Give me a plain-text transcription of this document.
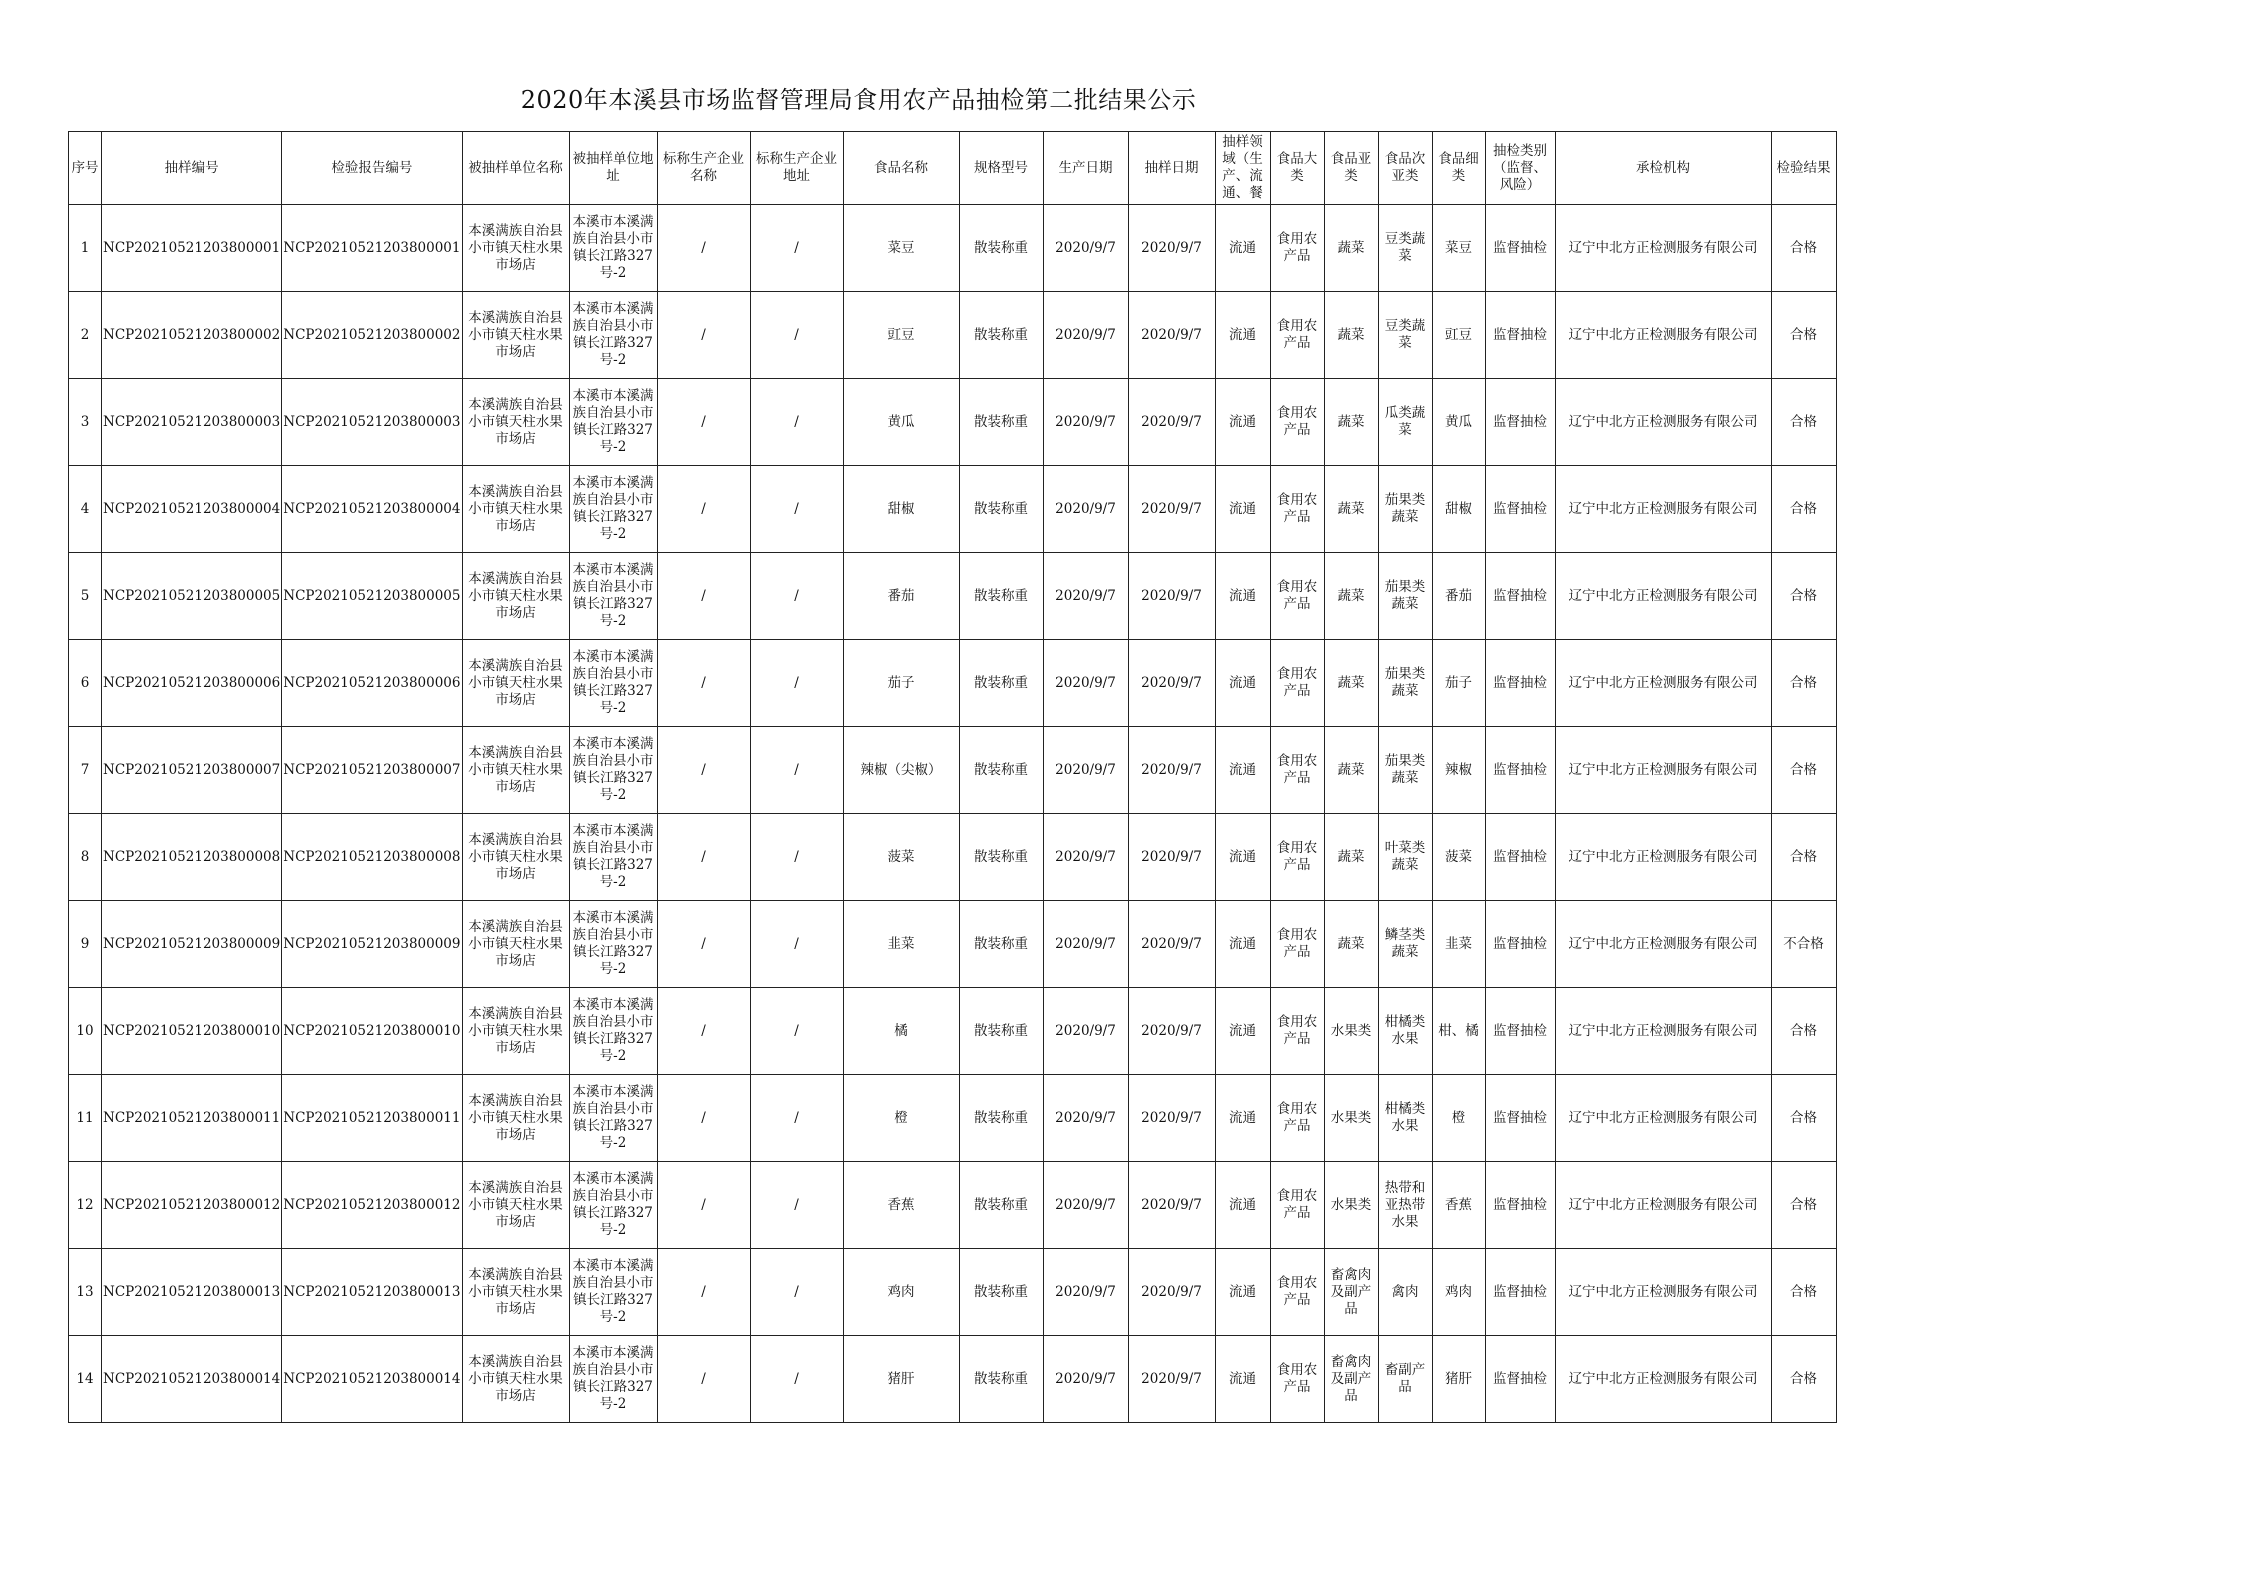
2020年本溪县市场监督管理局食用农产品抽检第二批结果公示
序号	抽样编号	检验报告编号	被抽样单位名称	被抽样单位地址	标称生产企业名称	标称生产企业地址	食品名称	规格型号	生产日期	抽样日期	抽样领域（生产、流通、餐	食品大类	食品亚类	食品次亚类	食品细类	抽检类别（监督、风险）	承检机构	检验结果
1	NCP20210521203800001	NCP20210521203800001	本溪满族自治县小市镇天柱水果市场店	本溪市本溪满族自治县小市镇长江路327号-2	/	/	菜豆	散装称重	2020/9/7	2020/9/7	流通	食用农产品	蔬菜	豆类蔬菜	菜豆	监督抽检	辽宁中北方正检测服务有限公司	合格
2	NCP20210521203800002	NCP20210521203800002	本溪满族自治县小市镇天柱水果市场店	本溪市本溪满族自治县小市镇长江路327号-2	/	/	豇豆	散装称重	2020/9/7	2020/9/7	流通	食用农产品	蔬菜	豆类蔬菜	豇豆	监督抽检	辽宁中北方正检测服务有限公司	合格
3	NCP20210521203800003	NCP20210521203800003	本溪满族自治县小市镇天柱水果市场店	本溪市本溪满族自治县小市镇长江路327号-2	/	/	黄瓜	散装称重	2020/9/7	2020/9/7	流通	食用农产品	蔬菜	瓜类蔬菜	黄瓜	监督抽检	辽宁中北方正检测服务有限公司	合格
4	NCP20210521203800004	NCP20210521203800004	本溪满族自治县小市镇天柱水果市场店	本溪市本溪满族自治县小市镇长江路327号-2	/	/	甜椒	散装称重	2020/9/7	2020/9/7	流通	食用农产品	蔬菜	茄果类蔬菜	甜椒	监督抽检	辽宁中北方正检测服务有限公司	合格
5	NCP20210521203800005	NCP20210521203800005	本溪满族自治县小市镇天柱水果市场店	本溪市本溪满族自治县小市镇长江路327号-2	/	/	番茄	散装称重	2020/9/7	2020/9/7	流通	食用农产品	蔬菜	茄果类蔬菜	番茄	监督抽检	辽宁中北方正检测服务有限公司	合格
6	NCP20210521203800006	NCP20210521203800006	本溪满族自治县小市镇天柱水果市场店	本溪市本溪满族自治县小市镇长江路327号-2	/	/	茄子	散装称重	2020/9/7	2020/9/7	流通	食用农产品	蔬菜	茄果类蔬菜	茄子	监督抽检	辽宁中北方正检测服务有限公司	合格
7	NCP20210521203800007	NCP20210521203800007	本溪满族自治县小市镇天柱水果市场店	本溪市本溪满族自治县小市镇长江路327号-2	/	/	辣椒（尖椒）	散装称重	2020/9/7	2020/9/7	流通	食用农产品	蔬菜	茄果类蔬菜	辣椒	监督抽检	辽宁中北方正检测服务有限公司	合格
8	NCP20210521203800008	NCP20210521203800008	本溪满族自治县小市镇天柱水果市场店	本溪市本溪满族自治县小市镇长江路327号-2	/	/	菠菜	散装称重	2020/9/7	2020/9/7	流通	食用农产品	蔬菜	叶菜类蔬菜	菠菜	监督抽检	辽宁中北方正检测服务有限公司	合格
9	NCP20210521203800009	NCP20210521203800009	本溪满族自治县小市镇天柱水果市场店	本溪市本溪满族自治县小市镇长江路327号-2	/	/	韭菜	散装称重	2020/9/7	2020/9/7	流通	食用农产品	蔬菜	鳞茎类蔬菜	韭菜	监督抽检	辽宁中北方正检测服务有限公司	不合格
10	NCP20210521203800010	NCP20210521203800010	本溪满族自治县小市镇天柱水果市场店	本溪市本溪满族自治县小市镇长江路327号-2	/	/	橘	散装称重	2020/9/7	2020/9/7	流通	食用农产品	水果类	柑橘类水果	柑、橘	监督抽检	辽宁中北方正检测服务有限公司	合格
11	NCP20210521203800011	NCP20210521203800011	本溪满族自治县小市镇天柱水果市场店	本溪市本溪满族自治县小市镇长江路327号-2	/	/	橙	散装称重	2020/9/7	2020/9/7	流通	食用农产品	水果类	柑橘类水果	橙	监督抽检	辽宁中北方正检测服务有限公司	合格
12	NCP20210521203800012	NCP20210521203800012	本溪满族自治县小市镇天柱水果市场店	本溪市本溪满族自治县小市镇长江路327号-2	/	/	香蕉	散装称重	2020/9/7	2020/9/7	流通	食用农产品	水果类	热带和亚热带水果	香蕉	监督抽检	辽宁中北方正检测服务有限公司	合格
13	NCP20210521203800013	NCP20210521203800013	本溪满族自治县小市镇天柱水果市场店	本溪市本溪满族自治县小市镇长江路327号-2	/	/	鸡肉	散装称重	2020/9/7	2020/9/7	流通	食用农产品	畜禽肉及副产品	禽肉	鸡肉	监督抽检	辽宁中北方正检测服务有限公司	合格
14	NCP20210521203800014	NCP20210521203800014	本溪满族自治县小市镇天柱水果市场店	本溪市本溪满族自治县小市镇长江路327号-2	/	/	猪肝	散装称重	2020/9/7	2020/9/7	流通	食用农产品	畜禽肉及副产品	畜副产品	猪肝	监督抽检	辽宁中北方正检测服务有限公司	合格
